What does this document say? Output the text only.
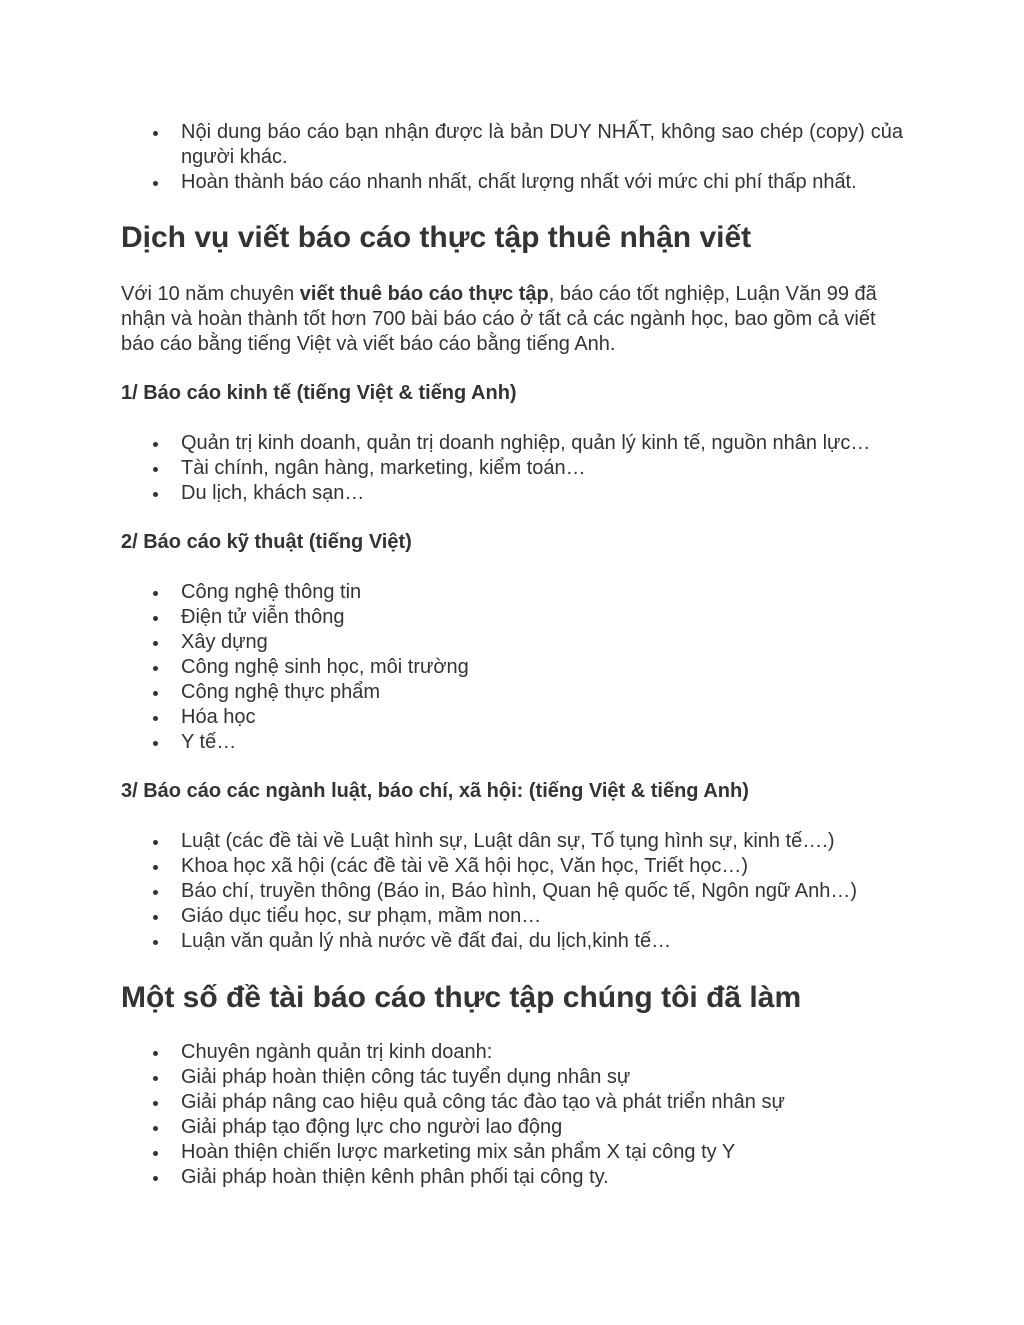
Nội dung báo cáo bạn nhận được là bản DUY NHẤT, không sao chép (copy) của người khác.
Hoàn thành báo cáo nhanh nhất, chất lượng nhất với mức chi phí thấp nhất.
Dịch vụ viết báo cáo thực tập thuê nhận viết

Với 10 năm chuyên viết thuê báo cáo thực tập, báo cáo tốt nghiệp, Luận Văn 99 đã nhận và hoàn thành tốt hơn 700 bài báo cáo ở tất cả các ngành học, bao gồm cả viết báo cáo bằng tiếng Việt và viết báo cáo bằng tiếng Anh.

1/ Báo cáo kinh tế (tiếng Việt & tiếng Anh)
Quản trị kinh doanh, quản trị doanh nghiệp, quản lý kinh tế, nguồn nhân lực…
Tài chính, ngân hàng, marketing, kiểm toán…
Du lịch, khách sạn…
2/ Báo cáo kỹ thuật (tiếng Việt)
Công nghệ thông tin
Điện tử viễn thông
Xây dựng
Công nghệ sinh học, môi trường
Công nghệ thực phẩm
Hóa học
Y tế…
3/ Báo cáo các ngành luật, báo chí, xã hội: (tiếng Việt & tiếng Anh)
Luật (các đề tài về Luật hình sự, Luật dân sự, Tố tụng hình sự, kinh tế….)
Khoa học xã hội (các đề tài về Xã hội học, Văn học, Triết học…)
Báo chí, truyền thông (Báo in, Báo hình, Quan hệ quốc tế, Ngôn ngữ Anh…)
Giáo dục tiểu học, sư phạm, mầm non…
Luận văn quản lý nhà nước về đất đai, du lịch,kinh tế…
Một số đề tài báo cáo thực tập chúng tôi đã làm
Chuyên ngành quản trị kinh doanh:
Giải pháp hoàn thiện công tác tuyển dụng nhân sự
Giải pháp nâng cao hiệu quả công tác đào tạo và phát triển nhân sự
Giải pháp tạo động lực cho người lao động
Hoàn thiện chiến lược marketing mix sản phẩm X tại công ty Y
Giải pháp hoàn thiện kênh phân phối tại công ty.
